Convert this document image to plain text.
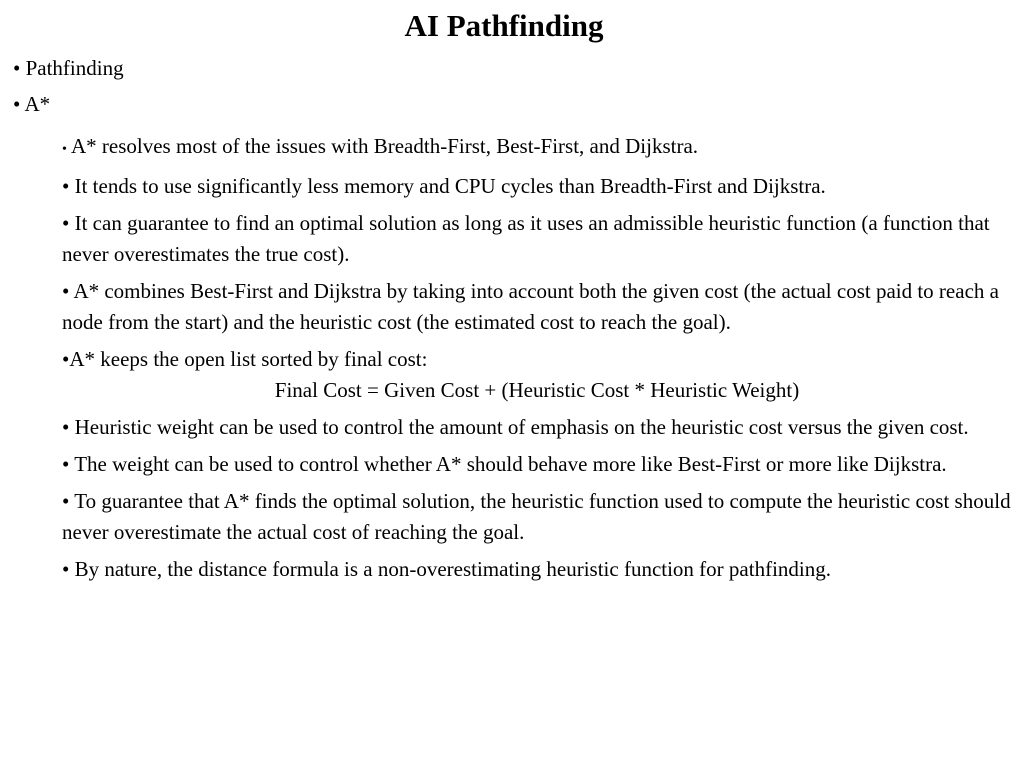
AI Pathfinding
• Pathfinding
• A*
• A* resolves most of the issues with Breadth-First, Best-First, and Dijkstra.
• It tends to use significantly less memory and CPU cycles than Breadth-First and Dijkstra.
• It can guarantee to find an optimal solution as long as it uses an admissible heuristic function (a function that never overestimates the true cost).
• A* combines Best-First and Dijkstra by taking into account both the given cost (the actual cost paid to reach a node from the start) and the heuristic cost (the estimated cost to reach the goal).
•A* keeps the open list sorted by final cost:
Final Cost = Given Cost + (Heuristic Cost * Heuristic Weight)
• Heuristic weight can be used to control the amount of emphasis on the heuristic cost versus the given cost.
• The weight can be used to control whether A* should behave more like Best-First or more like Dijkstra.
• To guarantee that A* finds the optimal solution, the heuristic function used to compute the heuristic cost should never overestimate the actual cost of reaching the goal.
• By nature, the distance formula is a non-overestimating heuristic function for pathfinding.
